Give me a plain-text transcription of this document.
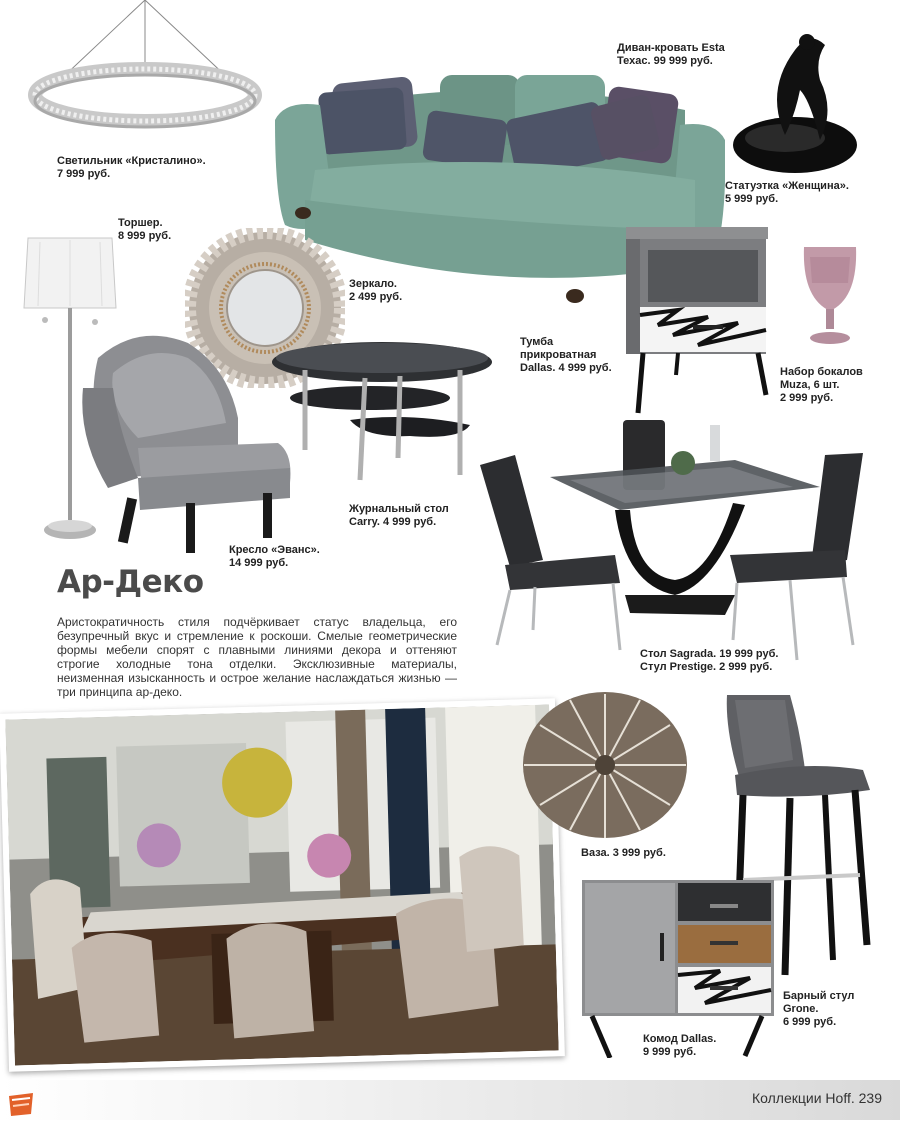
Светильник «Кристалино».
7 999 руб.
Диван-кровать Esta
Техас. 99 999 руб.
Статуэтка «Женщина».
5 999 руб.
Торшер.
8 999 руб.
Зеркало.
2 499 руб.
Тумба
прикроватная
Dallas. 4 999 руб.	Набор бокалов
Muza, 6 шт.
2 999 руб.
Журнальный стол
Carry. 4 999 руб.
Кресло «Эванс».
14 999 руб.
Стол Sagrada. 19 999 руб.
Стул Prestige. 2 999 руб.
Ар-Деко
Аристократичность стиля подчёркивает статус владельца, его безупречный вкус и стремление к роскоши. Смелые геометрические формы мебели спорят с плавными линиями декора и оттеняют строгие холодные тона отделки. Эксклюзивные материалы, неизменная изысканность и острое желание наслаждаться жизнью — три принципа ар-деко.
Ваза. 3 999 руб.
Барный стул
Grone.
6 999 руб.
Комод Dallas.
9 999 руб.
Коллекции Hoff. 239
